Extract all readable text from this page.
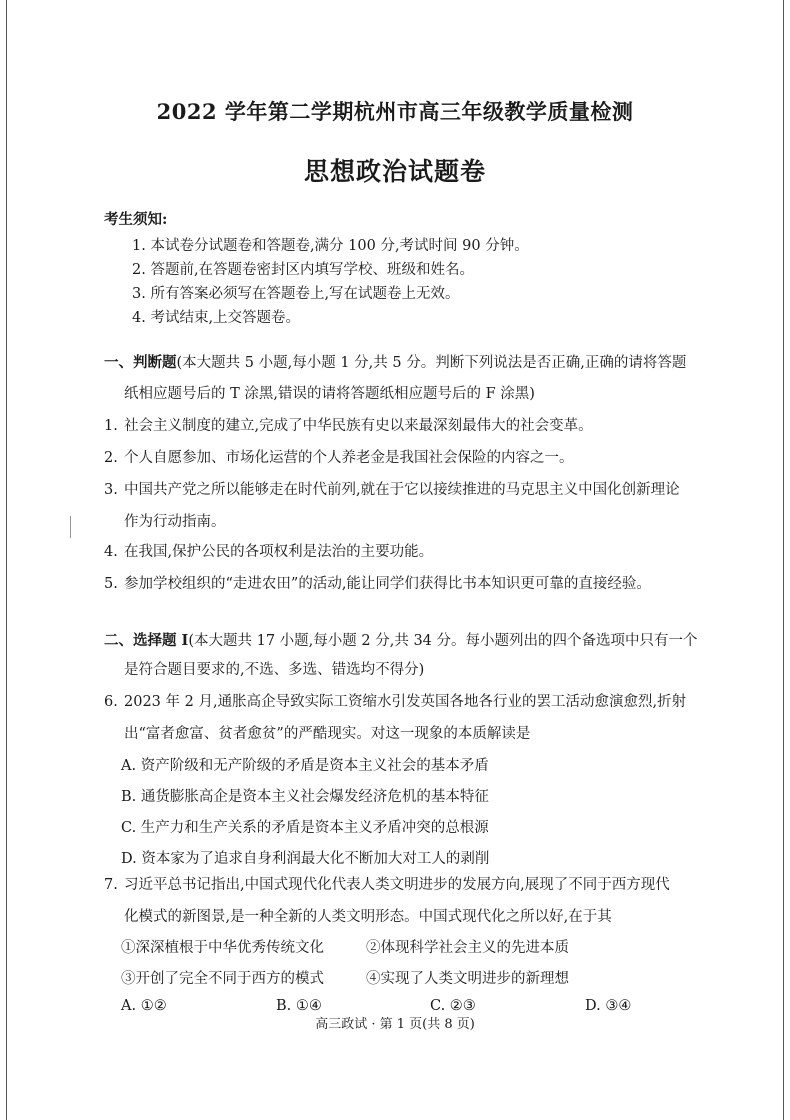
2022 学年第二学期杭州市高三年级教学质量检测
思想政治试题卷
考生须知:
1. 本试卷分试题卷和答题卷,满分 100 分,考试时间 90 分钟。
2. 答题前,在答题卷密封区内填写学校、班级和姓名。
3. 所有答案必须写在答题卷上,写在试题卷上无效。
4. 考试结束,上交答题卷。
一、判断题(本大题共 5 小题,每小题 1 分,共 5 分。判断下列说法是否正确,正确的请将答题
纸相应题号后的 T 涂黑,错误的请将答题纸相应题号后的 F 涂黑)
1. 社会主义制度的建立,完成了中华民族有史以来最深刻最伟大的社会变革。
2. 个人自愿参加、市场化运营的个人养老金是我国社会保险的内容之一。
3. 中国共产党之所以能够走在时代前列,就在于它以接续推进的马克思主义中国化创新理论
作为行动指南。
4. 在我国,保护公民的各项权利是法治的主要功能。
5. 参加学校组织的“走进农田”的活动,能让同学们获得比书本知识更可靠的直接经验。
二、选择题 I(本大题共 17 小题,每小题 2 分,共 34 分。每小题列出的四个备选项中只有一个
是符合题目要求的,不选、多选、错选均不得分)
6. 2023 年 2 月,通胀高企导致实际工资缩水引发英国各地各行业的罢工活动愈演愈烈,折射
出“富者愈富、贫者愈贫”的严酷现实。对这一现象的本质解读是
A. 资产阶级和无产阶级的矛盾是资本主义社会的基本矛盾
B. 通货膨胀高企是资本主义社会爆发经济危机的基本特征
C. 生产力和生产关系的矛盾是资本主义矛盾冲突的总根源
D. 资本家为了追求自身利润最大化不断加大对工人的剥削
7. 习近平总书记指出,中国式现代化代表人类文明进步的发展方向,展现了不同于西方现代
化模式的新图景,是一种全新的人类文明形态。中国式现代化之所以好,在于其
①深深植根于中华优秀传统文化	②体现科学社会主义的先进本质
③开创了完全不同于西方的模式	④实现了人类文明进步的新理想
A. ①②	B. ①④	C. ②③	D. ③④
高三政试 · 第 1 页(共 8 页)
